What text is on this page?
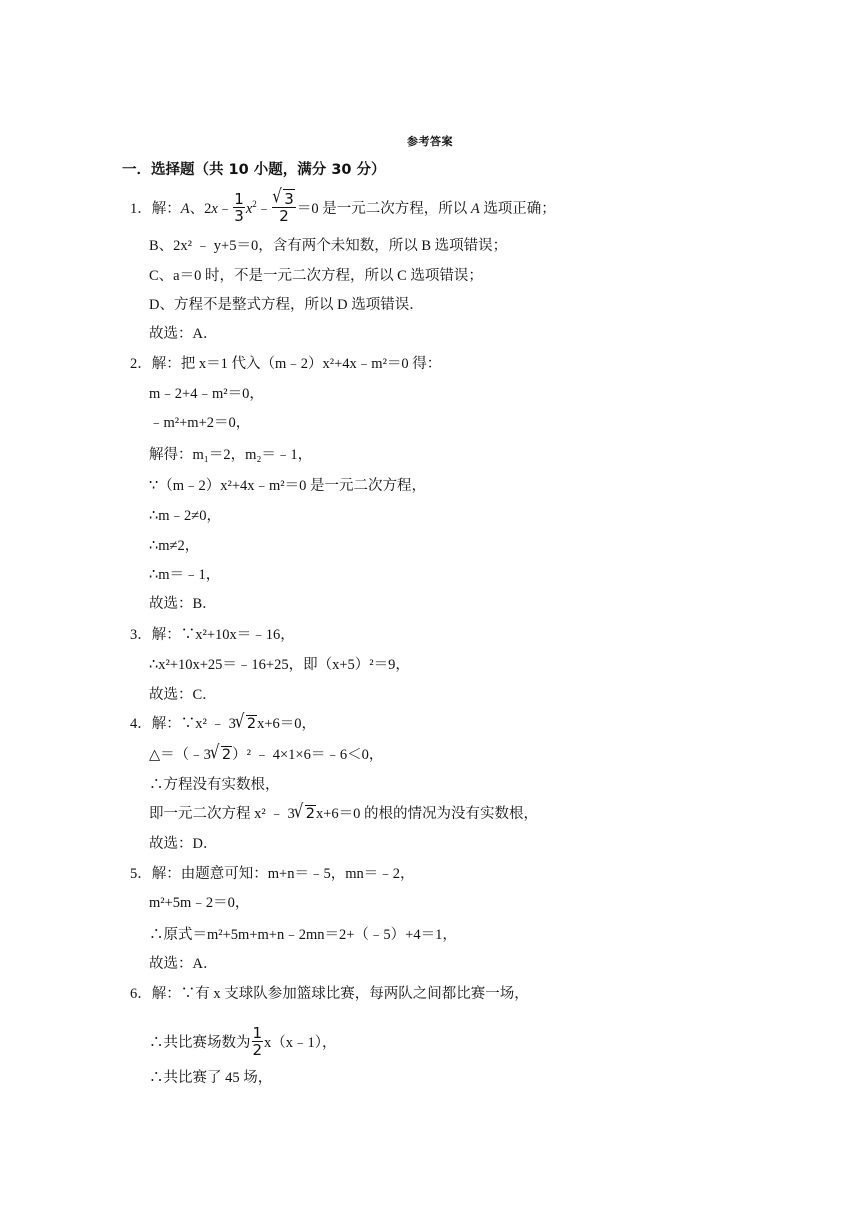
参考答案
一．选择题（共 10 小题，满分 30 分）
1．解：A、2x﹣ $\frac{1}{3}$ $x^2﹣ \frac{√ 3}{2} =0$ 是一元二次方程，所以 A 选项正确；
B、2x² ﹣ y+5＝0，含有两个未知数，所以 B 选项错误；
C、a＝0 时，不是一元二次方程，所以 C 选项错误；
D、方程不是整式方程，所以 D 选项错误．
故选：A．
2．解：把 x＝1 代入（m﹣2）x²+4x﹣m²＝0 得：
m﹣2+4﹣m²＝0，
﹣m²+m+2＝0，
解得：m₁＝2，m₂＝﹣1，
∵（m﹣2）x²+4x﹣m²＝0 是一元二次方程，
∴m﹣2≠0，
∴m≠2，
∴m＝﹣1，
故选：B．
3．解：∵x²+10x＝﹣16，
∴x²+10x+25＝﹣16+25，即（x+5）²＝9，
故选：C．
4．解：∵x² ﹣ 3 √ 2x+6＝0，
△＝（﹣3 √ 2）² ﹣ 4×1×6＝﹣6＜0，
∴方程没有实数根，
即一元二次方程 x² ﹣ 3 √ 2x+6＝0 的根的情况为没有实数根，
故选：D．
5．解：由题意可知：m+n＝﹣5，mn＝﹣2，
m²+5m﹣2＝0，
∴原式＝m²+5m+m+n﹣2mn＝2+（﹣5）+4＝1，
故选：A．
6．解：∵有 x 支球队参加篮球比赛，每两队之间都比赛一场，
∴共比赛场数为 $\frac{1}{2}$ x（x﹣1），
∴共比赛了 45 场，
